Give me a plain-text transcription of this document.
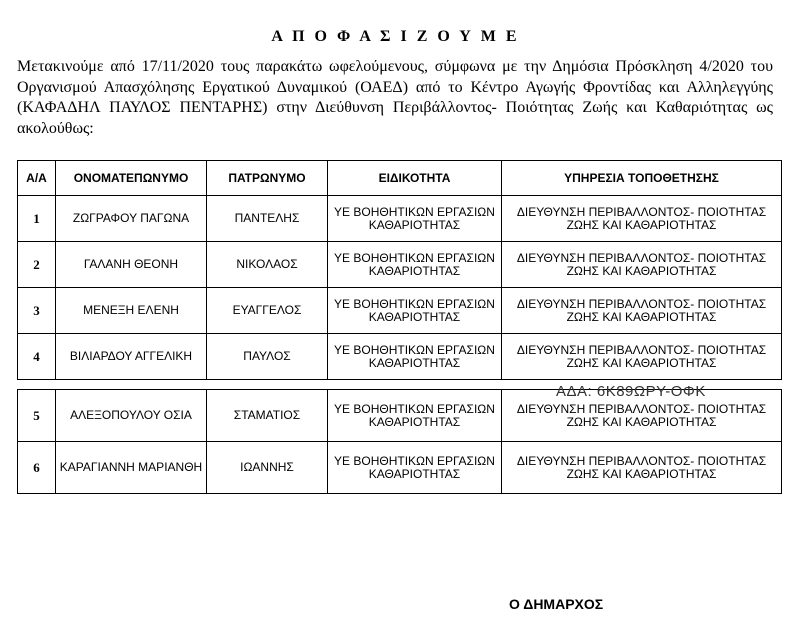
Α Π Ο Φ Α Σ Ι Ζ Ο Υ Μ Ε
Μετακινούμε από 17/11/2020 τους παρακάτω ωφελούμενους, σύμφωνα με την Δημόσια Πρόσκληση 4/2020 του Οργανισμού Απασχόλησης Εργατικού Δυναμικού (ΟΑΕΔ) από το Κέντρο Αγωγής Φροντίδας και Αλληλεγγύης (ΚΑΦΑΔΗΛ ΠΑΥΛΟΣ ΠΕΝΤΑΡΗΣ) στην Διεύθυνση Περιβάλλοντος- Ποιότητας Ζωής και Καθαριότητας ως ακολούθως:
Α/Α	ΟΝΟΜΑΤΕΠΩΝΥΜΟ	ΠΑΤΡΩΝΥΜΟ	ΕΙΔΙΚΟΤΗΤΑ	ΥΠΗΡΕΣΙΑ ΤΟΠΟΘΕΤΗΣΗΣ
1	ΖΩΓΡΑΦΟΥ ΠΑΓΩΝΑ	ΠΑΝΤΕΛΗΣ	ΥΕ ΒΟΗΘΗΤΙΚΩΝ ΕΡΓΑΣΙΩΝ ΚΑΘΑΡΙΟΤΗΤΑΣ	ΔΙΕΥΘΥΝΣΗ ΠΕΡΙΒΑΛΛΟΝΤΟΣ- ΠΟΙΟΤΗΤΑΣ ΖΩΗΣ ΚΑΙ ΚΑΘΑΡΙΟΤΗΤΑΣ
2	ΓΑΛΑΝΗ ΘΕΟΝΗ	ΝΙΚΟΛΑΟΣ	ΥΕ ΒΟΗΘΗΤΙΚΩΝ ΕΡΓΑΣΙΩΝ ΚΑΘΑΡΙΟΤΗΤΑΣ	ΔΙΕΥΘΥΝΣΗ ΠΕΡΙΒΑΛΛΟΝΤΟΣ- ΠΟΙΟΤΗΤΑΣ ΖΩΗΣ ΚΑΙ ΚΑΘΑΡΙΟΤΗΤΑΣ
3	ΜΕΝΕΞΗ ΕΛΕΝΗ	ΕΥΑΓΓΕΛΟΣ	ΥΕ ΒΟΗΘΗΤΙΚΩΝ ΕΡΓΑΣΙΩΝ ΚΑΘΑΡΙΟΤΗΤΑΣ	ΔΙΕΥΘΥΝΣΗ ΠΕΡΙΒΑΛΛΟΝΤΟΣ- ΠΟΙΟΤΗΤΑΣ ΖΩΗΣ ΚΑΙ ΚΑΘΑΡΙΟΤΗΤΑΣ
4	ΒΙΛΙΑΡΔΟΥ ΑΓΓΕΛΙΚΗ	ΠΑΥΛΟΣ	ΥΕ ΒΟΗΘΗΤΙΚΩΝ ΕΡΓΑΣΙΩΝ ΚΑΘΑΡΙΟΤΗΤΑΣ	ΔΙΕΥΘΥΝΣΗ ΠΕΡΙΒΑΛΛΟΝΤΟΣ- ΠΟΙΟΤΗΤΑΣ ΖΩΗΣ ΚΑΙ ΚΑΘΑΡΙΟΤΗΤΑΣ
5	ΑΛΕΞΟΠΟΥΛΟΥ ΟΣΙΑ	ΣΤΑΜΑΤΙΟΣ	ΥΕ ΒΟΗΘΗΤΙΚΩΝ ΕΡΓΑΣΙΩΝ ΚΑΘΑΡΙΟΤΗΤΑΣ	ΔΙΕΥΘΥΝΣΗ ΠΕΡΙΒΑΛΛΟΝΤΟΣ- ΠΟΙΟΤΗΤΑΣ ΖΩΗΣ ΚΑΙ ΚΑΘΑΡΙΟΤΗΤΑΣ
6	ΚΑΡΑΓΙΑΝΝΗ ΜΑΡΙΑΝΘΗ	ΙΩΑΝΝΗΣ	ΥΕ ΒΟΗΘΗΤΙΚΩΝ ΕΡΓΑΣΙΩΝ ΚΑΘΑΡΙΟΤΗΤΑΣ	ΔΙΕΥΘΥΝΣΗ ΠΕΡΙΒΑΛΛΟΝΤΟΣ- ΠΟΙΟΤΗΤΑΣ ΖΩΗΣ ΚΑΙ ΚΑΘΑΡΙΟΤΗΤΑΣ
ΑΔΑ: 6Κ89ΩΡΥ-ΟΦΚ
Ο ΔΗΜΑΡΧΟΣ
